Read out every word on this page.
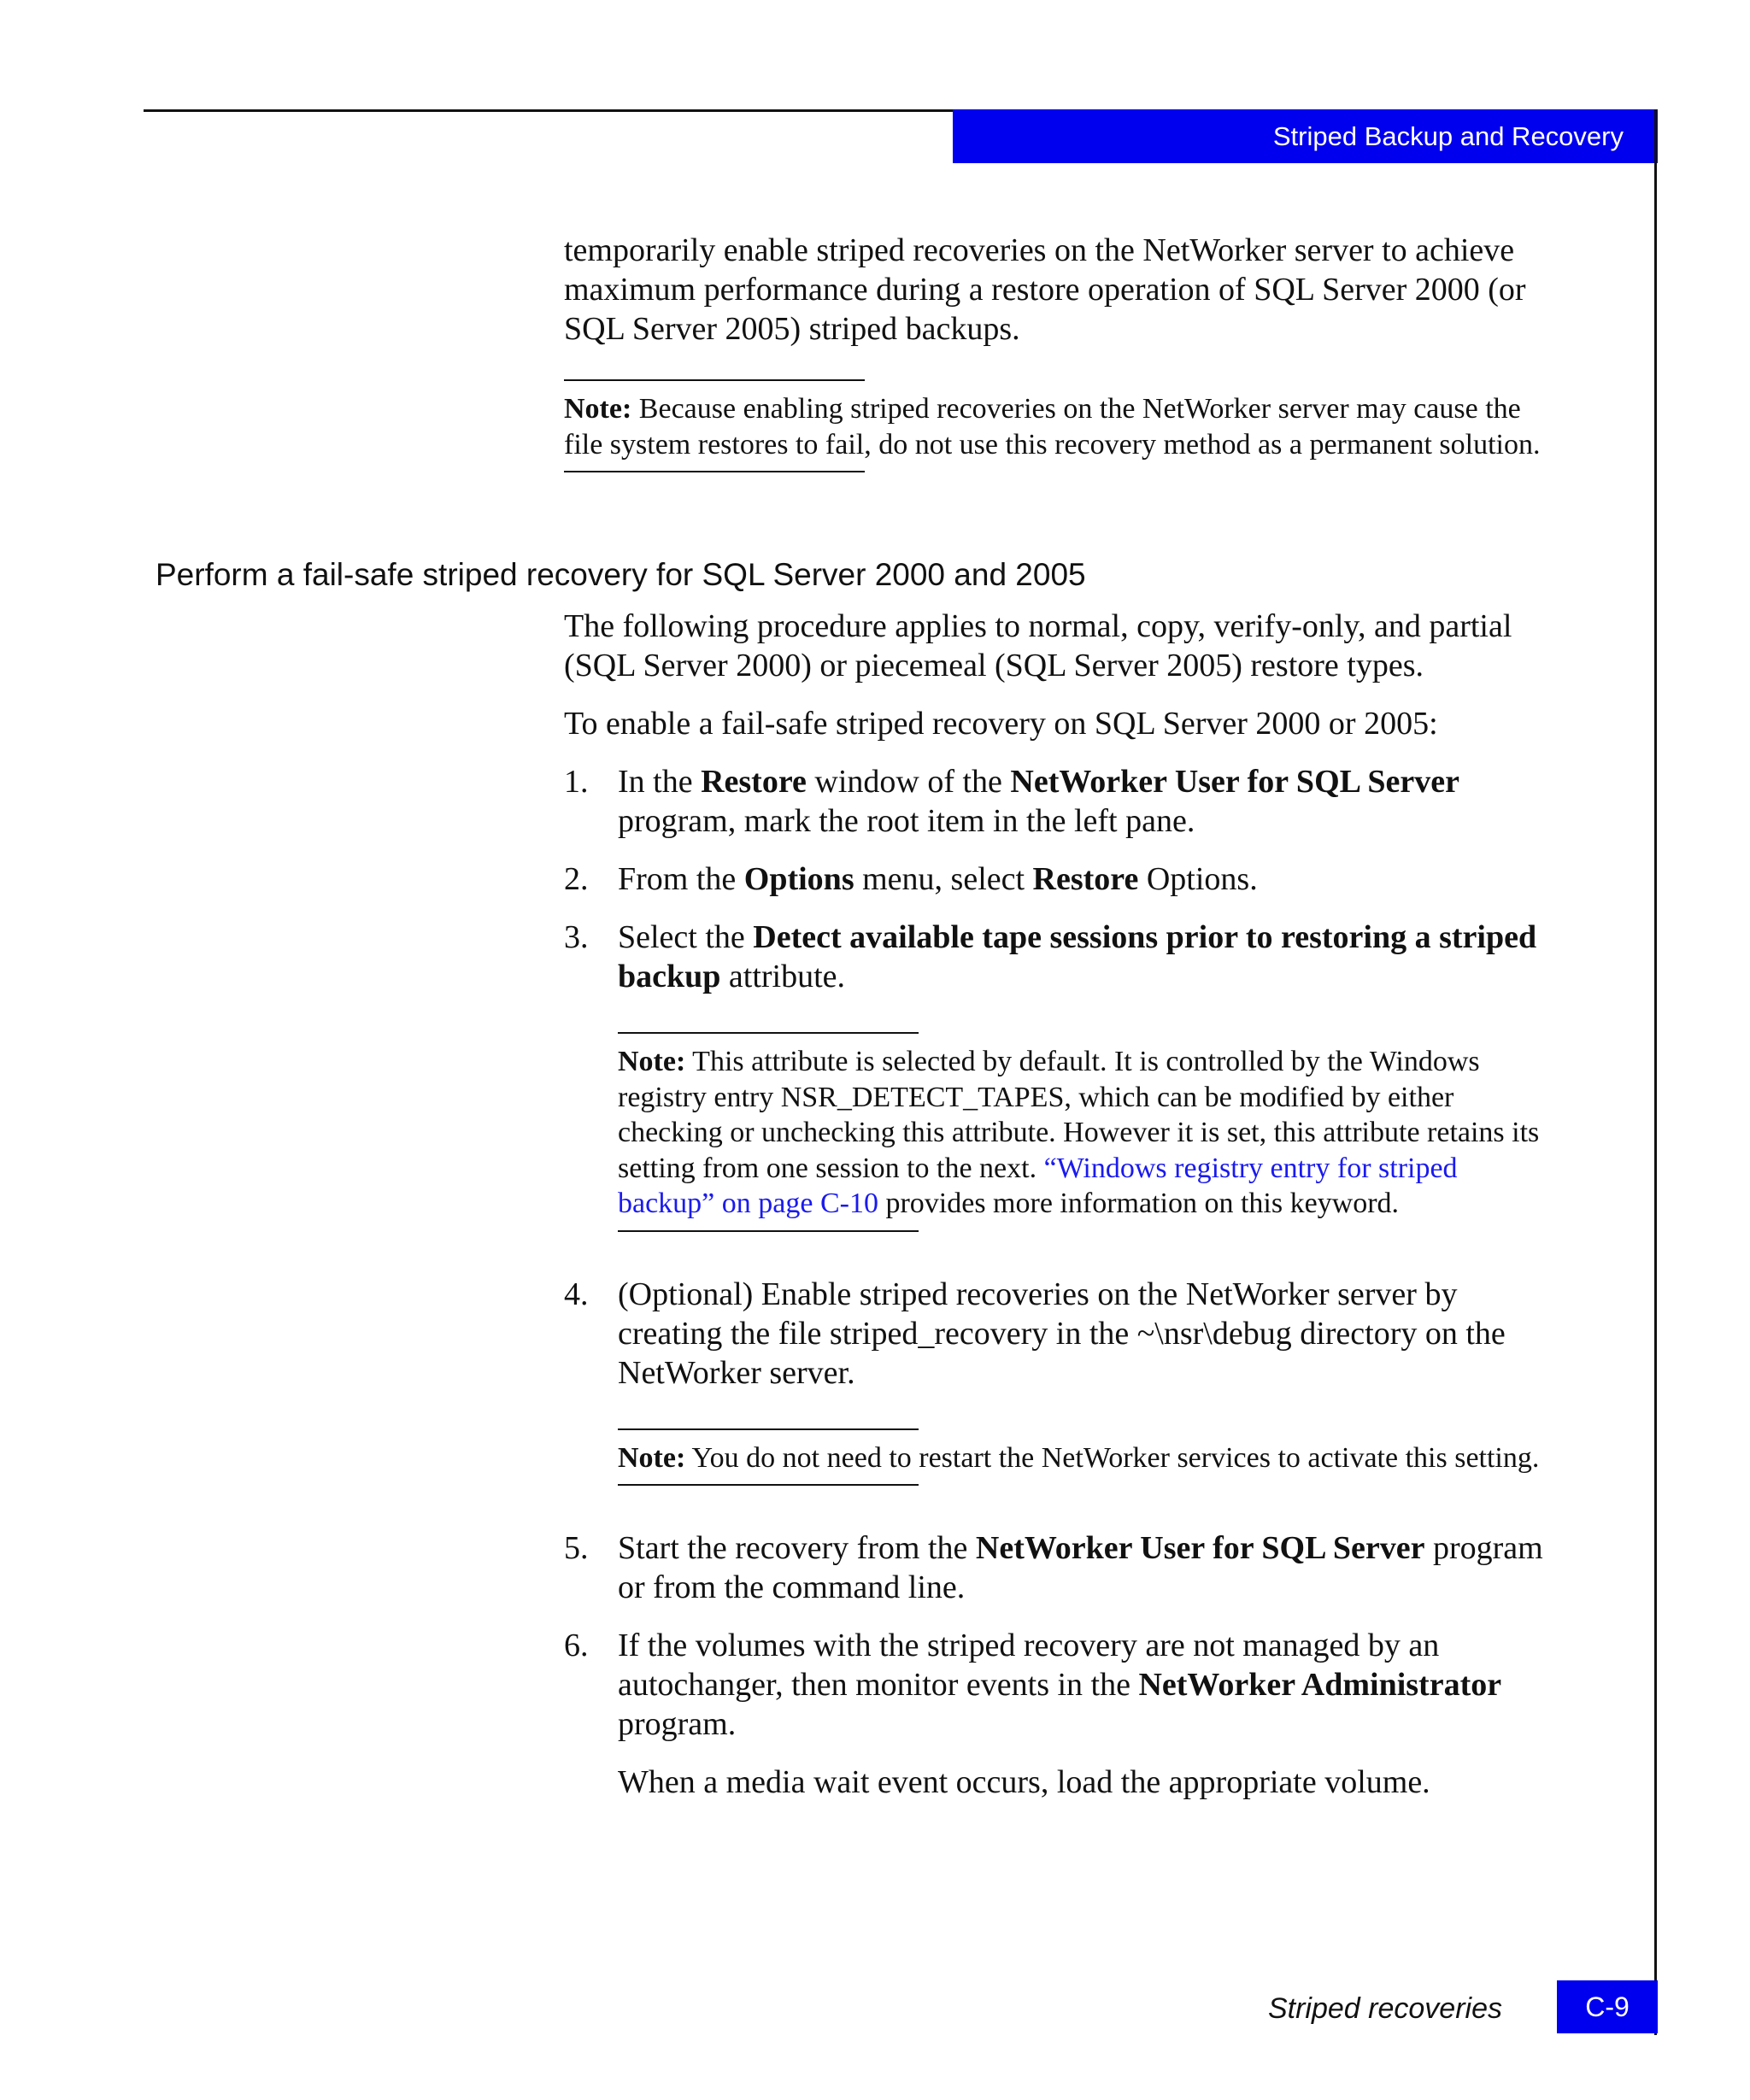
Striped Backup and Recovery

temporarily enable striped recoveries on the NetWorker server to achieve maximum performance during a restore operation of SQL Server 2000 (or SQL Server 2005) striped backups.

Note: Because enabling striped recoveries on the NetWorker server may cause the file system restores to fail, do not use this recovery method as a permanent solution.

Perform a fail-safe striped recovery for SQL Server 2000 and 2005

The following procedure applies to normal, copy, verify-only, and partial (SQL Server 2000) or piecemeal (SQL Server 2005) restore types.

To enable a fail-safe striped recovery on SQL Server 2000 or 2005:

1. In the Restore window of the NetWorker User for SQL Server program, mark the root item in the left pane.
2. From the Options menu, select Restore Options.
3. Select the Detect available tape sessions prior to restoring a striped backup attribute.

Note: This attribute is selected by default. It is controlled by the Windows registry entry NSR_DETECT_TAPES, which can be modified by either checking or unchecking this attribute. However it is set, this attribute retains its setting from one session to the next. “Windows registry entry for striped backup” on page C-10 provides more information on this keyword.

4. (Optional) Enable striped recoveries on the NetWorker server by creating the file striped_recovery in the ~\nsr\debug directory on the NetWorker server.

Note: You do not need to restart the NetWorker services to activate this setting.

5. Start the recovery from the NetWorker User for SQL Server program or from the command line.
6. If the volumes with the striped recovery are not managed by an autochanger, then monitor events in the NetWorker Administrator program.

When a media wait event occurs, load the appropriate volume.

Striped recoveries	C-9
